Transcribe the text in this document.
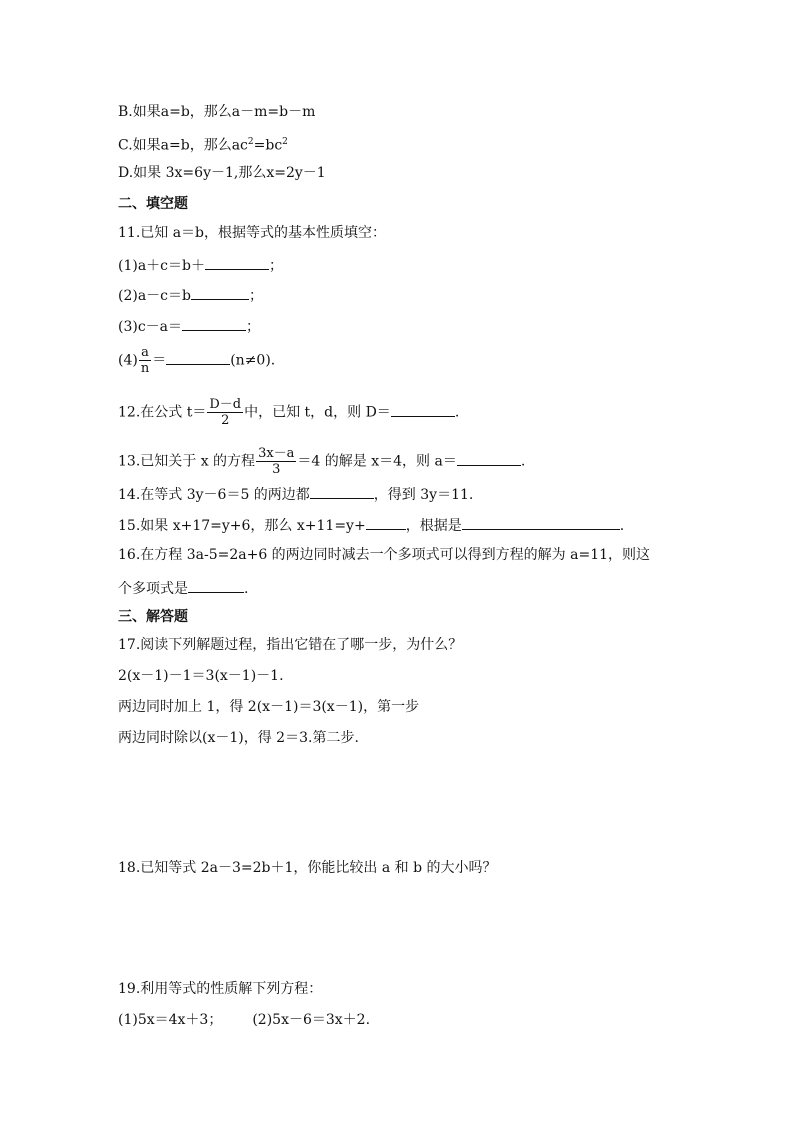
B.如果a=b，那么a－m=b－m
C.如果a=b，那么$ac^2=bc^2$
D.如果 3x=6y－1,那么x=2y－1
二、填空题
11.已知 a＝b，根据等式的基本性质填空：
(1)a＋c＝b＋	；
(2)a－c＝b	；
(3)c－a＝	；
$(4) \frac{a}{n}$ ＝	(n≠0).
12.在公式 $t= \frac{D-d}{2}$ 中，已知 t，d，则 D＝	.
13.已知关于 x 的方程 $\frac{3x-a}{3} =4$ 的解是 x＝4，则 a＝	.
14.在等式 3y－6＝5 的两边都	，得到 3y＝11.
15.如果 x+17=y+6，那么 x+11=y+	，根据是	.
16.在方程 3a-5=2a+6 的两边同时减去一个多项式可以得到方程的解为 a=11，则这
个多项式是	.
三、解答题
17.阅读下列解题过程，指出它错在了哪一步，为什么？
2(x－1)－1＝3(x－1)－1.
两边同时加上 1，得 2(x－1)＝3(x－1)，第一步
两边同时除以(x－1)，得 2＝3.第二步.
18.已知等式 2a－3=2b＋1，你能比较出 a 和 b 的大小吗？
19.利用等式的性质解下列方程：
(1)5x＝4x＋3； (2)5x－6＝3x＋2.
